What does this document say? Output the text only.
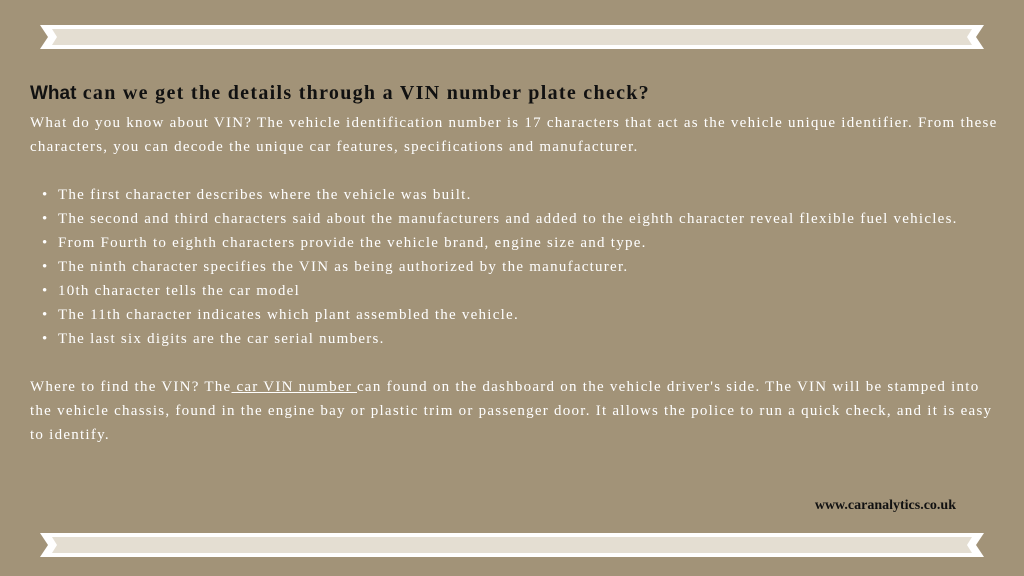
What can we get the details through a VIN number plate check?

What do you know about VIN? The vehicle identification number is 17 characters that act as the vehicle unique identifier. From these characters, you can decode the unique car features, specifications and manufacturer.

• The first character describes where the vehicle was built.
• The second and third characters said about the manufacturers and added to the eighth character reveal flexible fuel vehicles.
• From Fourth to eighth characters provide the vehicle brand, engine size and type.
• The ninth character specifies the VIN as being authorized by the manufacturer.
• 10th character tells the car model
• The 11th character indicates which plant assembled the vehicle.
• The last six digits are the car serial numbers.

Where to find the VIN? The car VIN number can found on the dashboard on the vehicle driver's side. The VIN will be stamped into the vehicle chassis, found in the engine bay or plastic trim or passenger door. It allows the police to run a quick check, and it is easy to identify.

www.caranalytics.co.uk
